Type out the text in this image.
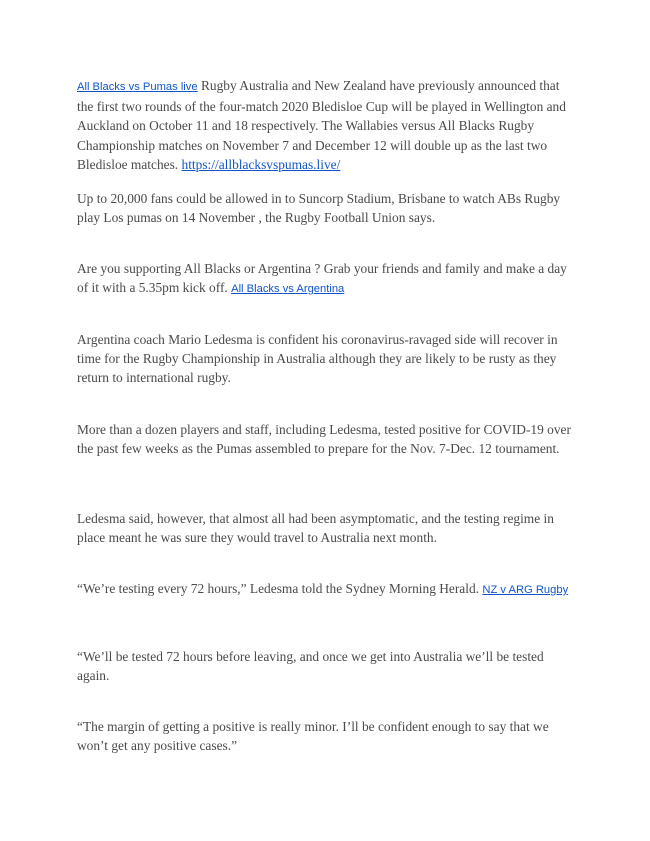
All Blacks vs Pumas live Rugby Australia and New Zealand have previously announced that the first two rounds of the four-match 2020 Bledisloe Cup will be played in Wellington and Auckland on October 11 and 18 respectively. The Wallabies versus All Blacks Rugby Championship matches on November 7 and December 12 will double up as the last two Bledisloe matches. https://allblacksvspumas.live/

Up to 20,000 fans could be allowed in to Suncorp Stadium, Brisbane to watch ABs Rugby play Los pumas on 14 November , the Rugby Football Union says.

Are you supporting All Blacks or Argentina ? Grab your friends and family and make a day of it with a 5.35pm kick off. All Blacks vs Argentina

Argentina coach Mario Ledesma is confident his coronavirus-ravaged side will recover in time for the Rugby Championship in Australia although they are likely to be rusty as they return to international rugby.

More than a dozen players and staff, including Ledesma, tested positive for COVID-19 over the past few weeks as the Pumas assembled to prepare for the Nov. 7-Dec. 12 tournament.

Ledesma said, however, that almost all had been asymptomatic, and the testing regime in place meant he was sure they would travel to Australia next month.

“We’re testing every 72 hours,” Ledesma told the Sydney Morning Herald. NZ v ARG Rugby

“We’ll be tested 72 hours before leaving, and once we get into Australia we’ll be tested again.

“The margin of getting a positive is really minor. I’ll be confident enough to say that we won’t get any positive cases.”
